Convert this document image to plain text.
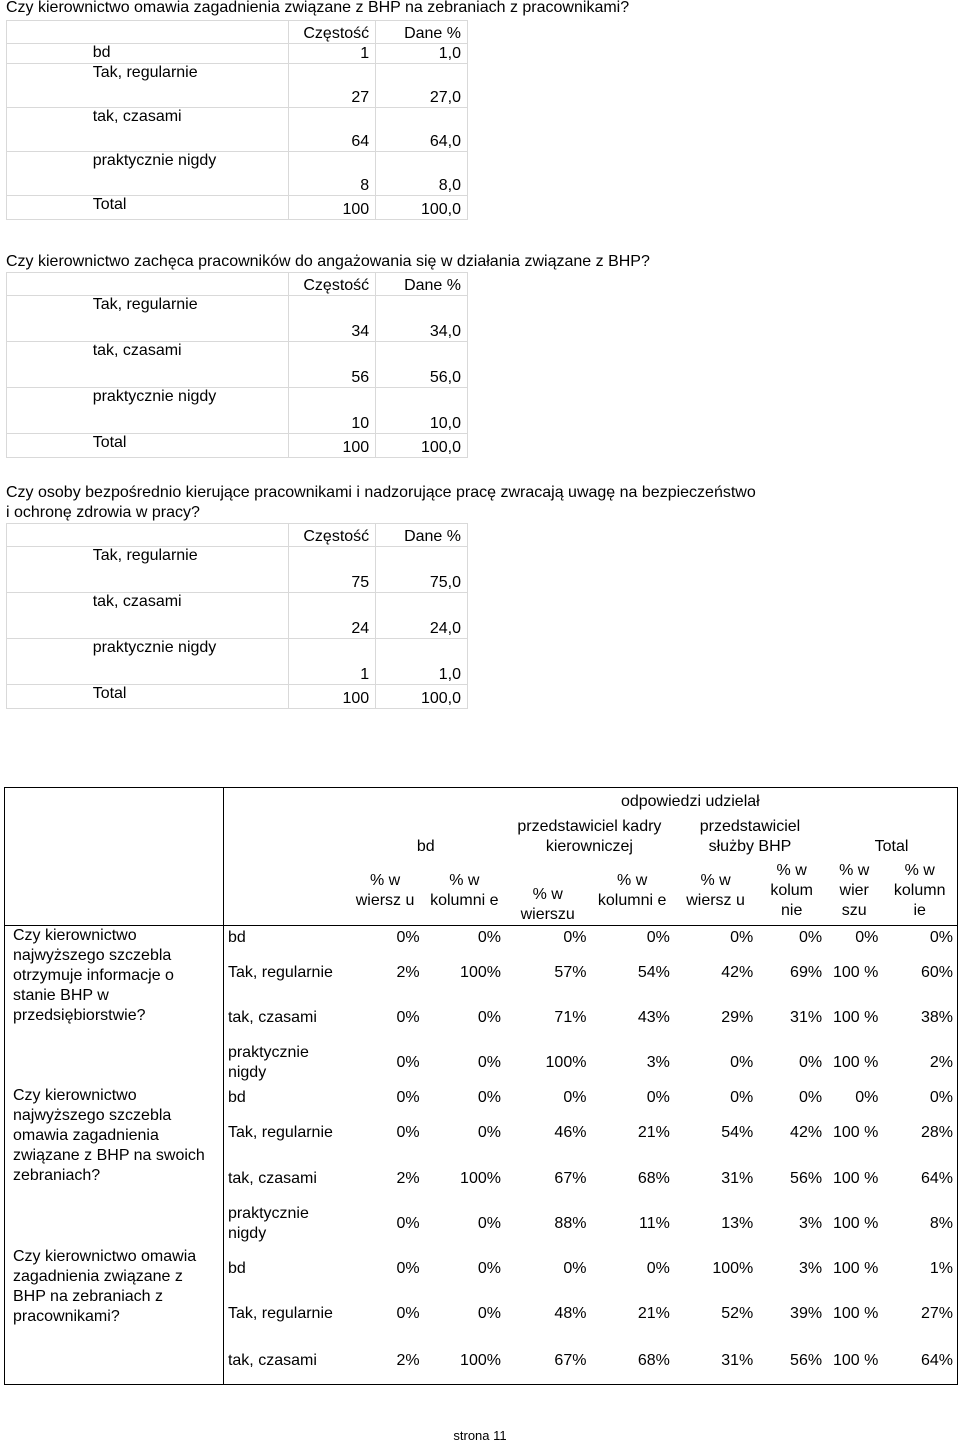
Czy kierownictwo omawia zagadnienia związane z BHP na zebraniach z pracownikami?
		Częstość	Dane %
	bd	1	1,0
	Tak, regularnie	27	27,0
	tak, czasami	64	64,0
	praktycznie nigdy	8	8,0
	Total	100	100,0
Czy kierownictwo zachęca pracowników do angażowania się w działania związane z BHP?
		Częstość	Dane %
	Tak, regularnie	34	34,0
	tak, czasami	56	56,0
	praktycznie nigdy	10	10,0
	Total	100	100,0
Czy osoby bezpośrednio kierujące pracownikami i nadzorujące pracę zwracają uwagę na bezpieczeństwo
i ochronę zdrowia w pracy?
		Częstość	Dane %
	Tak, regularnie	75	75,0
	tak, czasami	24	24,0
	praktycznie nigdy	1	1,0
	Total	100	100,0
			odpowiedzi udzielał						
		bd		przedstawiciel kadry kierowniczej		przedstawiciel służby BHP		Total	
		% w wiersz u	% w kolumni e	% w wierszu	% w kolumni e	% w wiersz u	% w kolum nie	% w wier szu	% w kolumn ie
Czy kierownictwo najwyższego szczebla otrzymuje informacje o stanie BHP w przedsiębiorstwie?	bd	0%	0%	0%	0%	0%	0%	0%	0%
	Tak, regularnie	2%	100%	57%	54%	42%	69%	100 %	60%
	tak, czasami	0%	0%	71%	43%	29%	31%	100 %	38%
	praktycznie nigdy	0%	0%	100%	3%	0%	0%	100 %	2%
Czy kierownictwo najwyższego szczebla omawia zagadnienia związane z BHP na swoich zebraniach?	bd	0%	0%	0%	0%	0%	0%	0%	0%
	Tak, regularnie	0%	0%	46%	21%	54%	42%	100 %	28%
	tak, czasami	2%	100%	67%	68%	31%	56%	100 %	64%
	praktycznie nigdy	0%	0%	88%	11%	13%	3%	100 %	8%
Czy kierownictwo omawia zagadnienia związane z BHP na zebraniach z pracownikami?	bd	0%	0%	0%	0%	100%	3%	100 %	1%
	Tak, regularnie	0%	0%	48%	21%	52%	39%	100 %	27%
	tak, czasami	2%	100%	67%	68%	31%	56%	100 %	64%
strona 11
